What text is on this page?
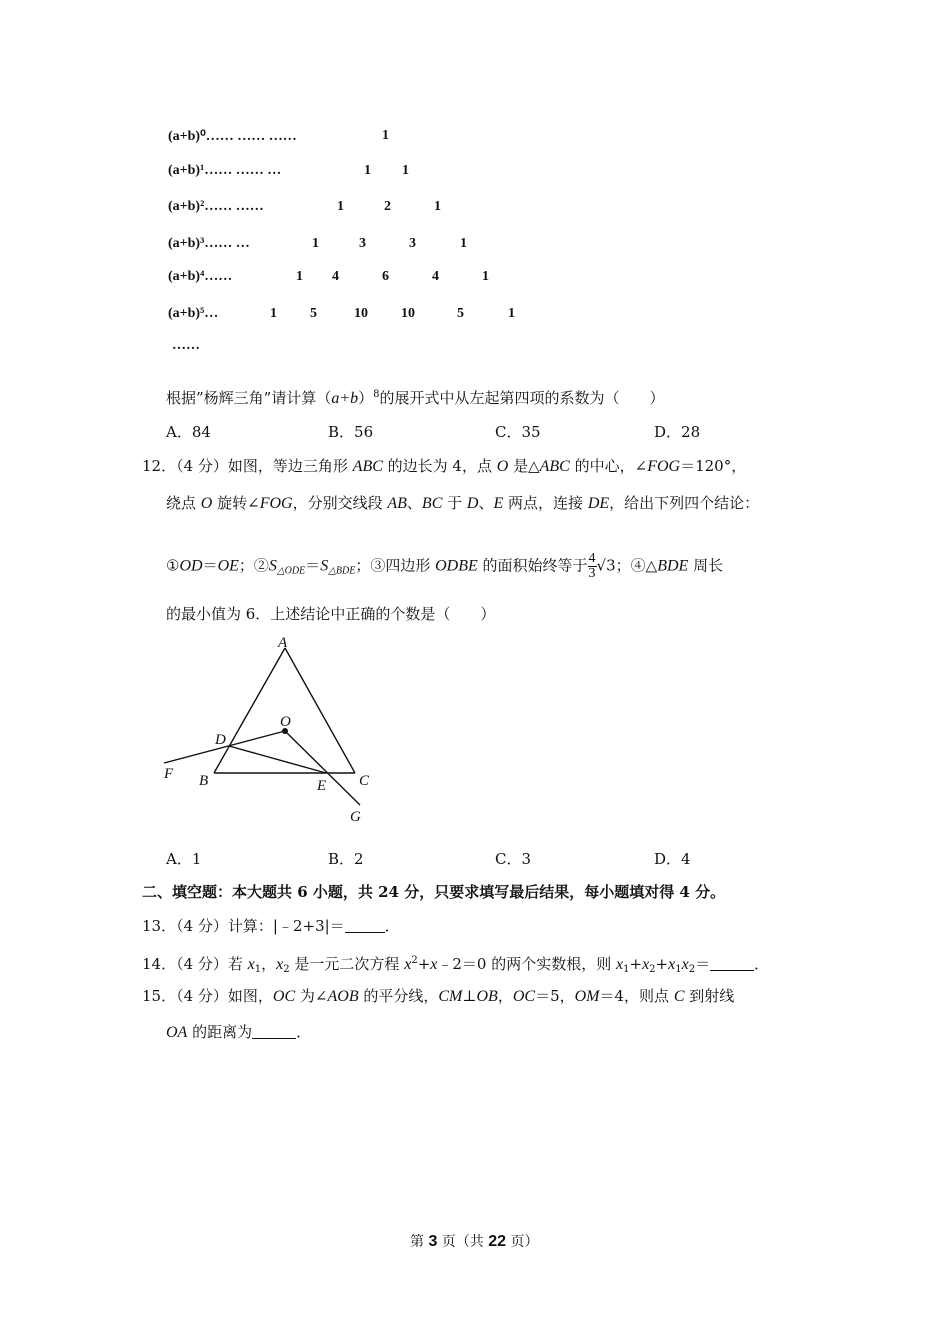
(a+b)⁰…… …… ……	1
(a+b)¹…… …… …	1 1
(a+b)²…… ……	1	2	1
(a+b)³…… …	1	3	3	1
(a+b)⁴……	1 4	6	4	1
(a+b)⁵…	1 5	10 10	5	1
……
根据”杨辉三角”请计算$(a+b)^8$的展开式中从左起第四项的系数为（　　）
A．84	B．56	C．35	D．28
12．（4 分）如图，等边三角形 ABC 的边长为 4，点 O 是△ABC 的中心，∠FOG＝120°，
绕点 O 旋转∠FOG，分别交线段 AB、BC 于 D、E 两点，连接 DE，给出下列四个结论：
①OD＝OE；$②S_{\triangle ODE}=S_{\triangle BDE}$；③四边形 ODBE 的面积始终等于 $\frac{4}{3} √3$；④△BDE 周长
的最小值为 6．上述结论中正确的个数是（　　）
A
O
D
F B	E C
G
A．1	B．2	C．3	D．4
二、填空题：本大题共 6 小题，共 24 分，只要求填写最后结果，每小题填对得 4 分。
13．（4 分）计算：|﹣2+3|＝	．
14．（4 分）若 $x_1$，$x_2$ 是一元二次方程 $x^2+x﹣2=0$ 的两个实数根，则 $x_1+x_2+x_1x_2=$	．
15．（4 分）如图，OC 为∠AOB 的平分线，CM⊥OB，OC＝5，OM＝4，则点 C 到射线
OA 的距离为	．
第 3 页（共 22 页）
